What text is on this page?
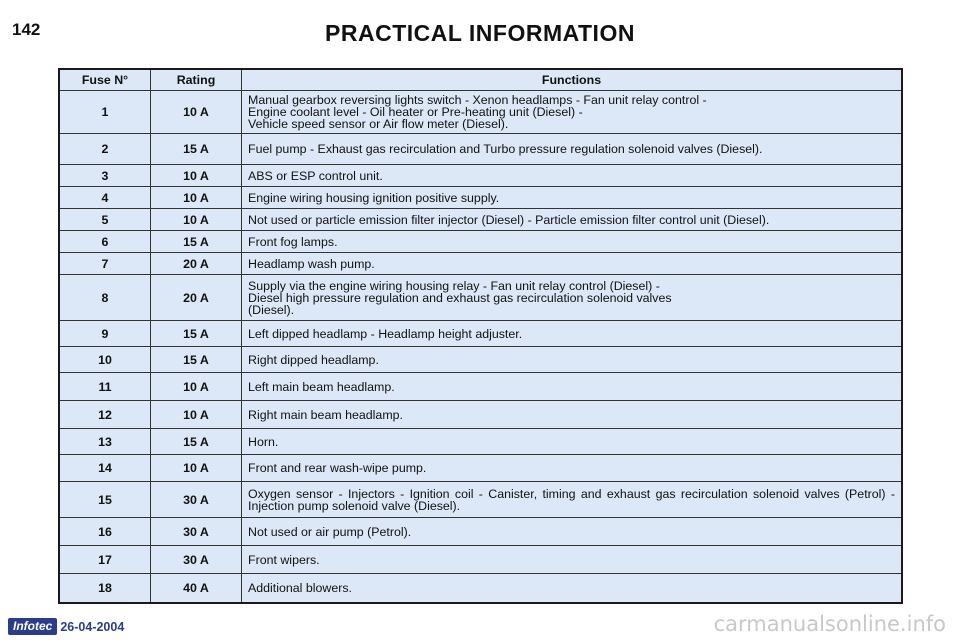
142	PRACTICAL INFORMATION
Fuse N°	Rating	Functions
1	10 A	Manual gearbox reversing lights switch - Xenon headlamps - Fan unit relay control -
Engine coolant level - Oil heater or Pre-heating unit (Diesel) -
Vehicle speed sensor or Air flow meter (Diesel).
2	15 A	Fuel pump - Exhaust gas recirculation and Turbo pressure regulation solenoid valves (Diesel).
3	10 A	ABS or ESP control unit.
4	10 A	Engine wiring housing ignition positive supply.
5	10 A	Not used or particle emission filter injector (Diesel) - Particle emission filter control unit (Diesel).
6	15 A	Front fog lamps.
7	20 A	Headlamp wash pump.
8	20 A	Supply via the engine wiring housing relay - Fan unit relay control (Diesel) -
Diesel high pressure regulation and exhaust gas recirculation solenoid valves
(Diesel).
9	15 A	Left dipped headlamp - Headlamp height adjuster.
10	15 A	Right dipped headlamp.
11	10 A	Left main beam headlamp.
12	10 A	Right main beam headlamp.
13	15 A	Horn.
14	10 A	Front and rear wash-wipe pump.
15	30 A	Oxygen sensor - Injectors - Ignition coil - Canister, timing and exhaust gas recirculation solenoid valves (Petrol) - Injection pump solenoid valve (Diesel).
16	30 A	Not used or air pump (Petrol).
17	30 A	Front wipers.
18	40 A	Additional blowers.
Infotec 26-04-2004	carmanualsonline.info
